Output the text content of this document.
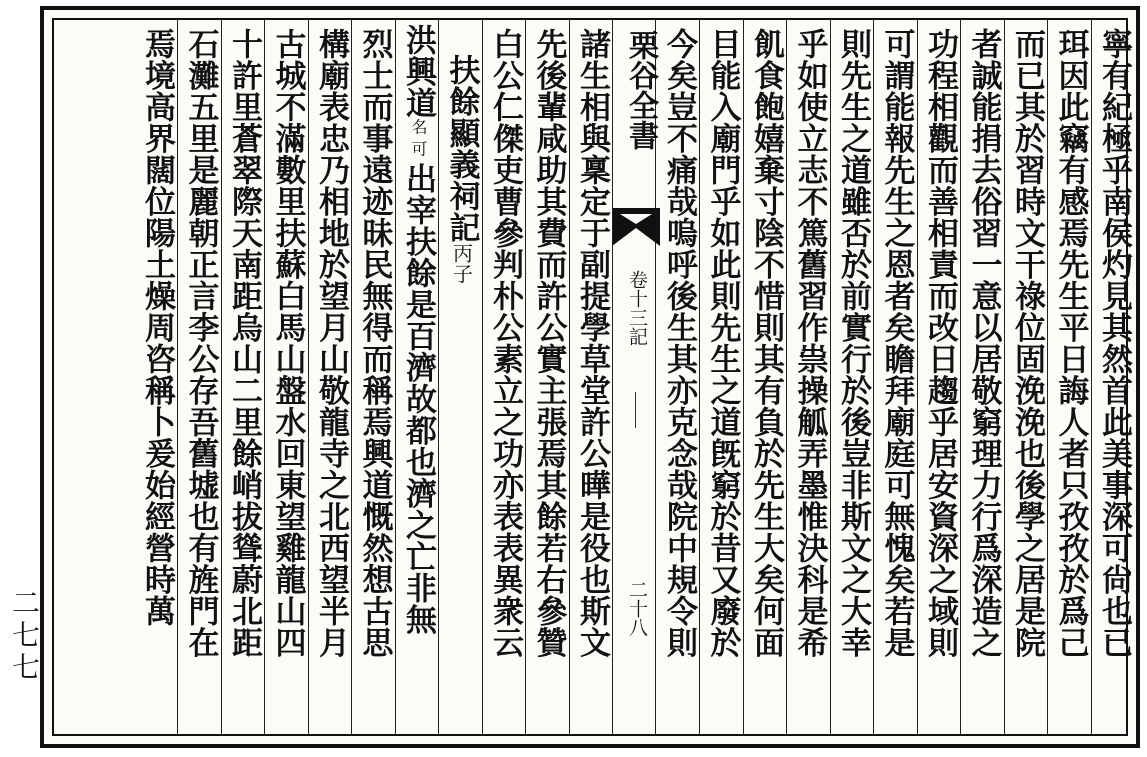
寧有紀極乎南侯灼見其然首此美事深可尙也已
珥因此竊有感焉先生平日誨人者只孜孜於爲己
而已其於習時文干祿位固浼浼也後學之居是院
者誠能捐去俗習一意以居敬窮理力行爲深造之
功程相觀而善相責而改日趨乎居安資深之域則
可謂能報先生之恩者矣瞻拜廟庭可無愧矣若是
則先生之道雖否於前實行於後豈非斯文之大幸
乎如使立志不篤舊習作祟操觚弄墨惟決科是希
飢食飽嬉棄寸陰不惜則其有負於先生大矣何面
目能入廟門乎如此則先生之道旣窮於昔又廢於
今矣豈不痛哉嗚呼後生其亦克念哉院中規令則
栗谷全書
卷十三記
二十八
諸生相與稟定于副提學草堂許公曄是役也斯文
先後輩咸助其費而許公實主張焉其餘若右參贊
白公仁傑吏曹參判朴公素立之功亦表表異衆云
扶餘顯義祠記丙子
洪興道名可出宰扶餘是百濟故都也濟之亡非無
烈士而事遠迹昧民無得而稱焉興道慨然想古思
構廟表忠乃相地於望月山敬龍寺之北西望半月
古城不滿數里扶蘇白馬山盤水回東望雞龍山四
十許里蒼翠際天南距烏山二里餘峭拔聳蔚北距
石灘五里是麗朝正言李公存吾舊墟也有旌門在
焉境高界闊位陽土燥周咨稱卜爰始經營時萬
二七七
